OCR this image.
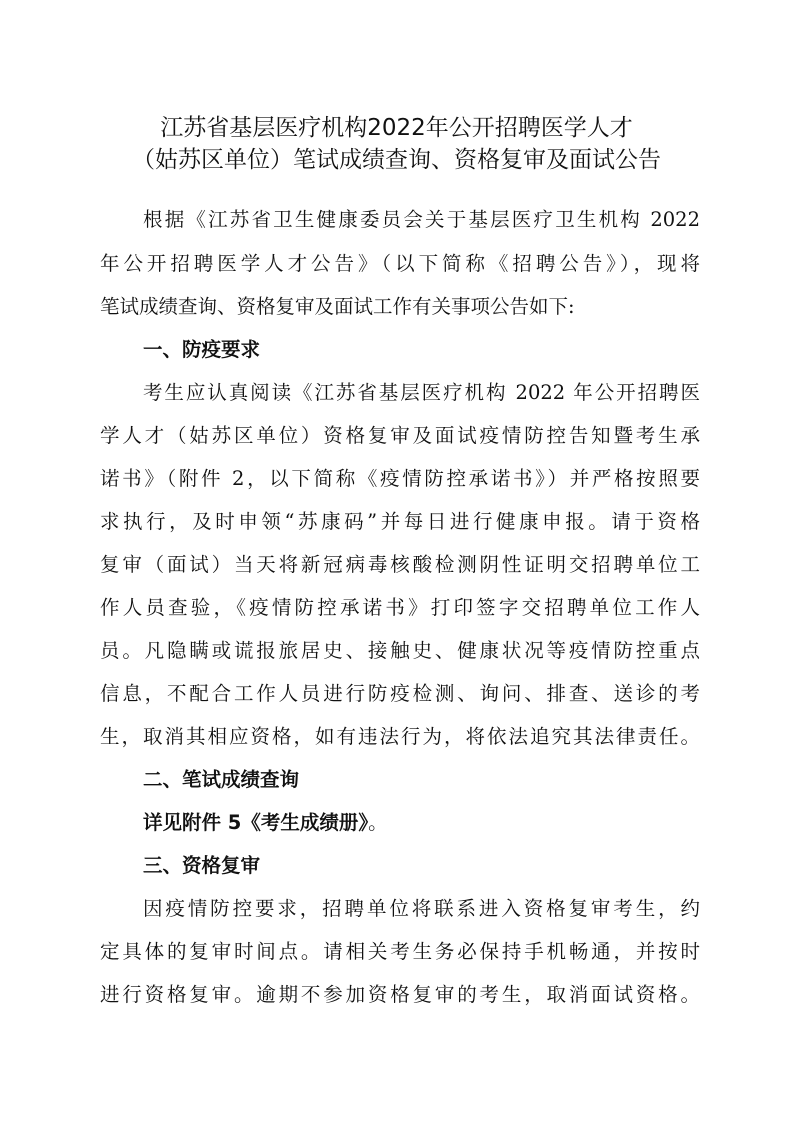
江苏省基层医疗机构2022年公开招聘医学人才
（姑苏区单位）笔试成绩查询、资格复审及面试公告
根据《江苏省卫生健康委员会关于基层医疗卫生机构 2022
年公开招聘医学人才公告》（以下简称《招聘公告》），现将
笔试成绩查询、资格复审及面试工作有关事项公告如下:
一、防疫要求
考生应认真阅读《江苏省基层医疗机构 2022 年公开招聘医
学人才（姑苏区单位）资格复审及面试疫情防控告知暨考生承
诺书》（附件 2，以下简称《疫情防控承诺书》）并严格按照要
求执行，及时申领“苏康码”并每日进行健康申报。请于资格
复审（面试）当天将新冠病毒核酸检测阴性证明交招聘单位工
作人员查验，《疫情防控承诺书》打印签字交招聘单位工作人
员。凡隐瞒或谎报旅居史、接触史、健康状况等疫情防控重点
信息，不配合工作人员进行防疫检测、询问、排查、送诊的考
生，取消其相应资格，如有违法行为，将依法追究其法律责任。
二、笔试成绩查询
详见附件 5《考生成绩册》。
三、资格复审
因疫情防控要求，招聘单位将联系进入资格复审考生，约
定具体的复审时间点。请相关考生务必保持手机畅通，并按时
进行资格复审。逾期不参加资格复审的考生，取消面试资格。
